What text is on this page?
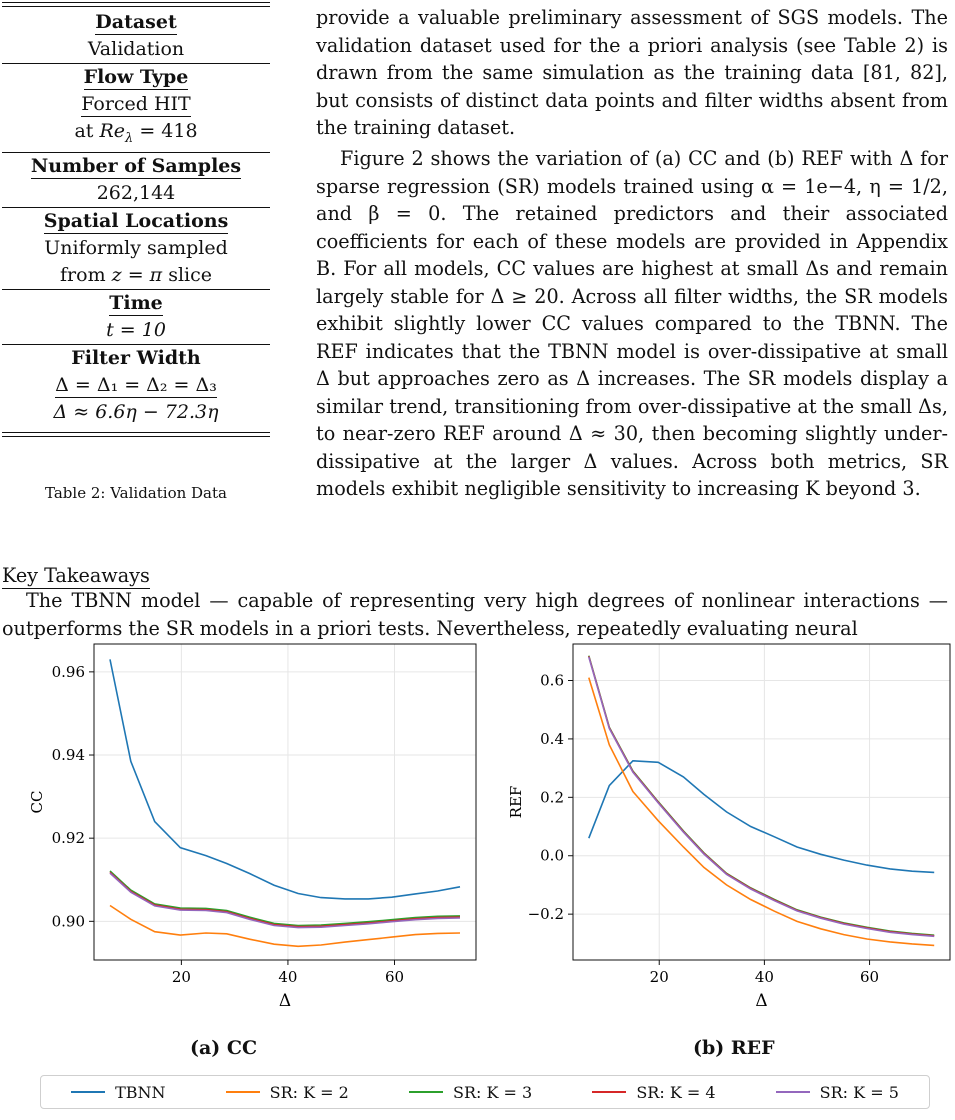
Dataset
Validation
Flow Type
Forced HIT
at $Re_\lambda = 418$
Number of Samples
262,144
Spatial Locations
Uniformly sampled
from z = π slice
Time
t = 10
Filter Width
Δ = Δ₁ = Δ₂ = Δ₃
Δ ≈ 6.6η − 72.3η
Table 2: Validation Data

provide a valuable preliminary assessment of SGS models. The validation dataset used for the a priori analysis (see Table 2) is drawn from the same simulation as the training data [81, 82], but consists of distinct data points and filter widths absent from the training dataset.

Figure 2 shows the variation of (a) CC and (b) REF with Δ for sparse regression (SR) models trained using α = 1e−4, η = 1/2, and β = 0. The retained predictors and their associated coefficients for each of these models are provided in Appendix B. For all models, CC values are highest at small Δs and remain largely stable for Δ ≥ 20. Across all filter widths, the SR models exhibit slightly lower CC values compared to the TBNN. The REF indicates that the TBNN model is over-dissipative at small Δ but approaches zero as Δ increases. The SR models display a similar trend, transitioning from over-dissipative at the small Δs, to near-zero REF around Δ ≈ 30, then becoming slightly under-dissipative at the larger Δ values. Across both metrics, SR models exhibit negligible sensitivity to increasing K beyond 3.

Key Takeaways

The TBNN model — capable of representing very high degrees of nonlinear interactions — outperforms the SR models in a priori tests. Nevertheless, repeatedly evaluating neural

20	40	60
0.90
0.92
0.94
0.96
Δ
CC
20	40	60
−0.2
0.0
0.2
0.4
0.6
Δ
REF
(a) CC	(b) REF
TBNN	SR: K = 2	SR: K = 3	SR: K = 4	SR: K = 5
